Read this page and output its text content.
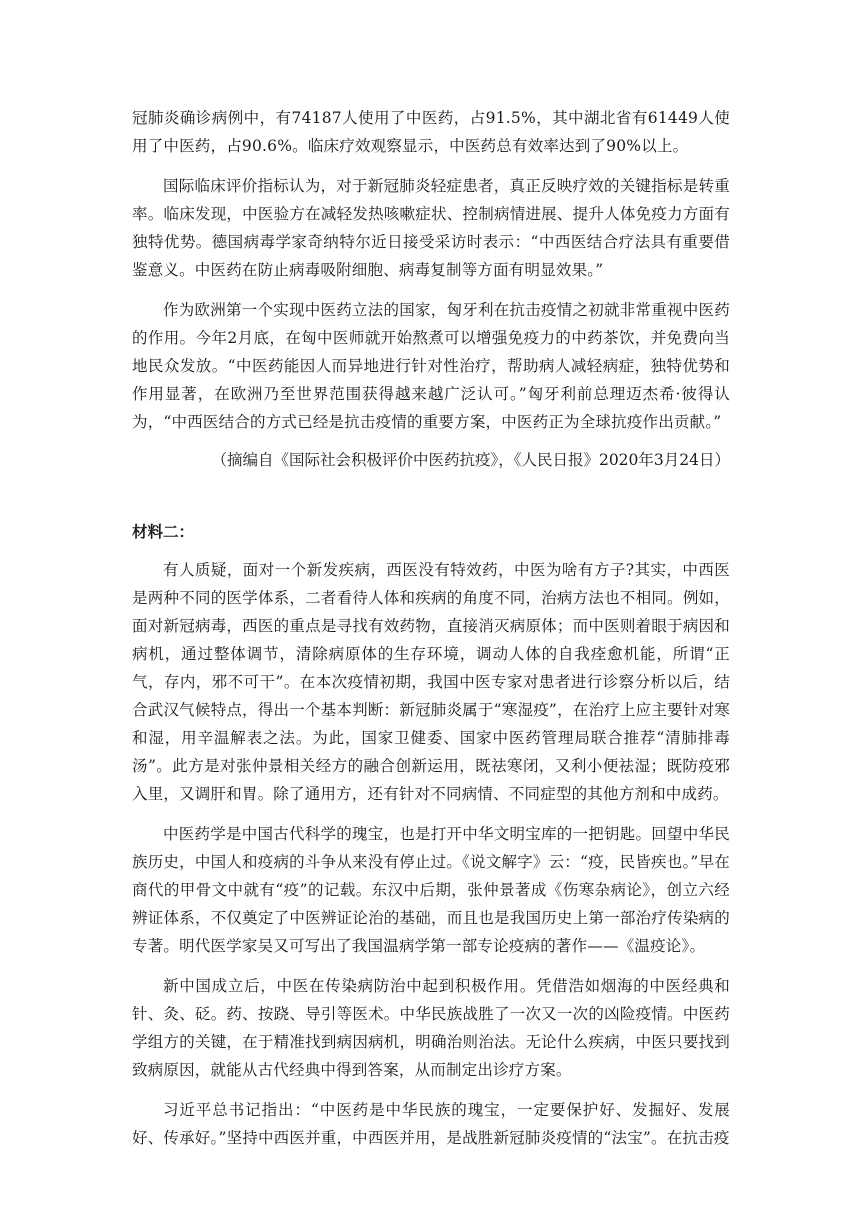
冠肺炎确诊病例中，有74187人使用了中医药，占91.5%，其中湖北省有61449人使用了中医药，占90.6%。临床疗效观察显示，中医药总有效率达到了90%以上。

国际临床评价指标认为，对于新冠肺炎轻症患者，真正反映疗效的关键指标是转重率。临床发现，中医验方在减轻发热咳嗽症状、控制病情进展、提升人体免疫力方面有独特优势。德国病毒学家奇纳特尔近日接受采访时表示：“中西医结合疗法具有重要借鉴意义。中医药在防止病毒吸附细胞、病毒复制等方面有明显效果。”

作为欧洲第一个实现中医药立法的国家，匈牙利在抗击疫情之初就非常重视中医药的作用。今年2月底，在匈中医师就开始熬煮可以增强免疫力的中药茶饮，并免费向当地民众发放。“中医药能因人而异地进行针对性治疗，帮助病人减轻病症，独特优势和作用显著，在欧洲乃至世界范围获得越来越广泛认可。”匈牙利前总理迈杰希·彼得认为，“中西医结合的方式已经是抗击疫情的重要方案，中医药正为全球抗疫作出贡献。”

（摘编自《国际社会积极评价中医药抗疫》，《人民日报》2020年3月24日）
材料二：

有人质疑，面对一个新发疾病，西医没有特效药，中医为啥有方子?其实，中西医是两种不同的医学体系，二者看待人体和疾病的角度不同，治病方法也不相同。例如，面对新冠病毒，西医的重点是寻找有效药物，直接消灭病原体；而中医则着眼于病因和病机，通过整体调节，清除病原体的生存环境，调动人体的自我痊愈机能，所谓“正气，存内，邪不可干”。在本次疫情初期，我国中医专家对患者进行诊察分析以后，结合武汉气候特点，得出一个基本判断：新冠肺炎属于“寒湿疫”，在治疗上应主要针对寒和湿，用辛温解表之法。为此，国家卫健委、国家中医药管理局联合推荐“清肺排毒汤”。此方是对张仲景相关经方的融合创新运用，既祛寒闭，又利小便祛湿；既防疫邪入里，又调肝和胃。除了通用方，还有针对不同病情、不同症型的其他方剂和中成药。

中医药学是中国古代科学的瑰宝，也是打开中华文明宝库的一把钥匙。回望中华民族历史，中国人和疫病的斗争从来没有停止过。《说文解字》云：“疫，民皆疾也。”早在商代的甲骨文中就有“疫”的记载。东汉中后期，张仲景著成《伤寒杂病论》，创立六经辨证体系，不仅奠定了中医辨证论治的基础，而且也是我国历史上第一部治疗传染病的专著。明代医学家吴又可写出了我国温病学第一部专论疫病的著作——《温疫论》。

新中国成立后，中医在传染病防治中起到积极作用。凭借浩如烟海的中医经典和针、灸、砭。药、按跷、导引等医术。中华民族战胜了一次又一次的凶险疫情。中医药学组方的关键，在于精准找到病因病机，明确治则治法。无论什么疾病，中医只要找到致病原因，就能从古代经典中得到答案，从而制定出诊疗方案。

习近平总书记指出：“中医药是中华民族的瑰宝，一定要保护好、发掘好、发展好、传承好。”坚持中西医并重，中西医并用，是战胜新冠肺炎疫情的“法宝”。在抗击疫
